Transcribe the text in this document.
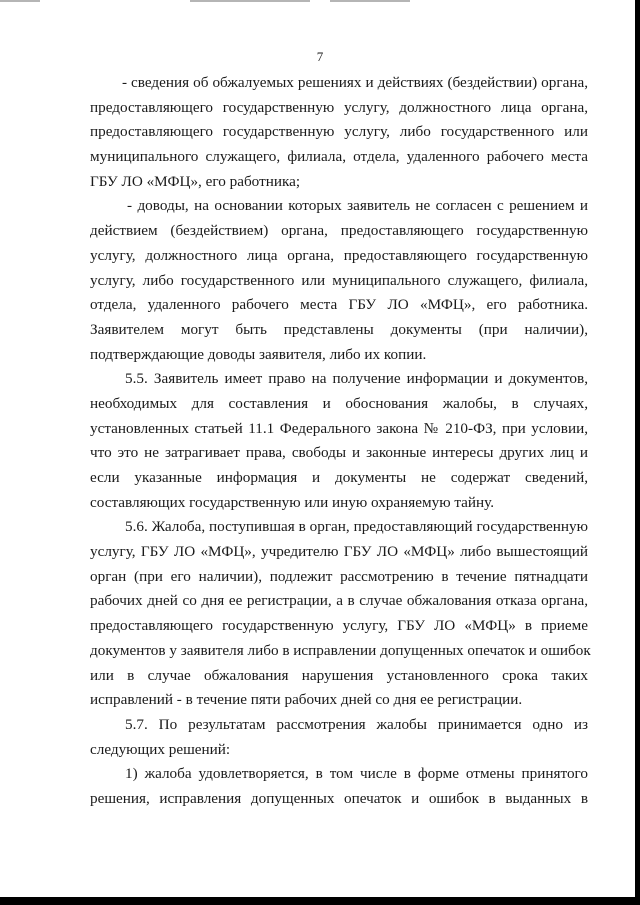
7
- сведения об обжалуемых решениях и действиях (бездействии) органа,
предоставляющего государственную услугу, должностного лица органа,
предоставляющего государственную услугу, либо государственного или
муниципального служащего, филиала, отдела, удаленного рабочего места
ГБУ ЛО «МФЦ», его работника;
- доводы, на основании которых заявитель не согласен с решением и
действием (бездействием) органа, предоставляющего государственную
услугу, должностного лица органа, предоставляющего государственную
услугу, либо государственного или муниципального служащего, филиала,
отдела, удаленного рабочего места ГБУ ЛО «МФЦ», его работника.
Заявителем могут быть представлены документы (при наличии),
подтверждающие доводы заявителя, либо их копии.
5.5. Заявитель имеет право на получение информации и документов,
необходимых для составления и обоснования жалобы, в случаях,
установленных статьей 11.1 Федерального закона № 210-ФЗ, при условии,
что это не затрагивает права, свободы и законные интересы других лиц и
если указанные информация и документы не содержат сведений,
составляющих государственную или иную охраняемую тайну.
5.6. Жалоба, поступившая в орган, предоставляющий государственную
услугу, ГБУ ЛО «МФЦ», учредителю ГБУ ЛО «МФЦ» либо вышестоящий
орган (при его наличии), подлежит рассмотрению в течение пятнадцати
рабочих дней со дня ее регистрации, а в случае обжалования отказа органа,
предоставляющего государственную услугу, ГБУ ЛО «МФЦ» в приеме
документов у заявителя либо в исправлении допущенных опечаток и ошибок
или в случае обжалования нарушения установленного срока таких
исправлений - в течение пяти рабочих дней со дня ее регистрации.
5.7. По результатам рассмотрения жалобы принимается одно из
следующих решений:
1) жалоба удовлетворяется, в том числе в форме отмены принятого
решения, исправления допущенных опечаток и ошибок в выданных в
